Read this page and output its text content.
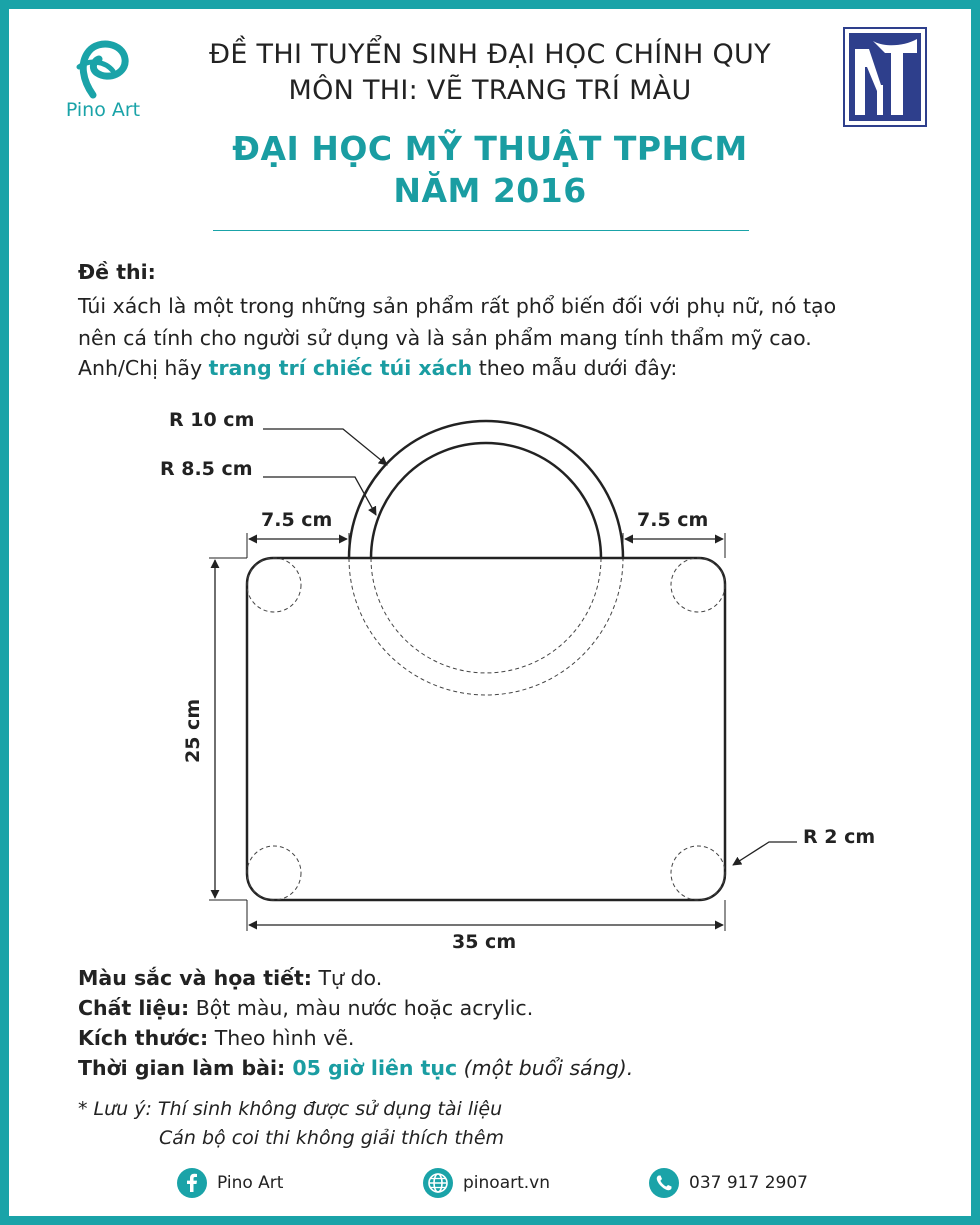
Pino Art
ĐỀ THI TUYỂN SINH ĐẠI HỌC CHÍNH QUY
MÔN THI: VẼ TRANG TRÍ MÀU
ĐẠI HỌC MỸ THUẬT TPHCM
NĂM 2016
Đề thi:
Túi xách là một trong những sản phẩm rất phổ biến đối với phụ nữ, nó tạo
nên cá tính cho người sử dụng và là sản phẩm mang tính thẩm mỹ cao.
Anh/Chị hãy trang trí chiếc túi xách theo mẫu dưới đây:
R 10 cm
R 8.5 cm
7.5 cm	7.5 cm
25 cm
35 cm
R 2 cm
Màu sắc và họa tiết: Tự do.
Chất liệu: Bột màu, màu nước hoặc acrylic.
Kích thước: Theo hình vẽ.
Thời gian làm bài: 05 giờ liên tục (một buổi sáng).
* Lưu ý: Thí sinh không được sử dụng tài liệu
Cán bộ coi thi không giải thích thêm
Pino Art	pinoart.vn	037 917 2907
